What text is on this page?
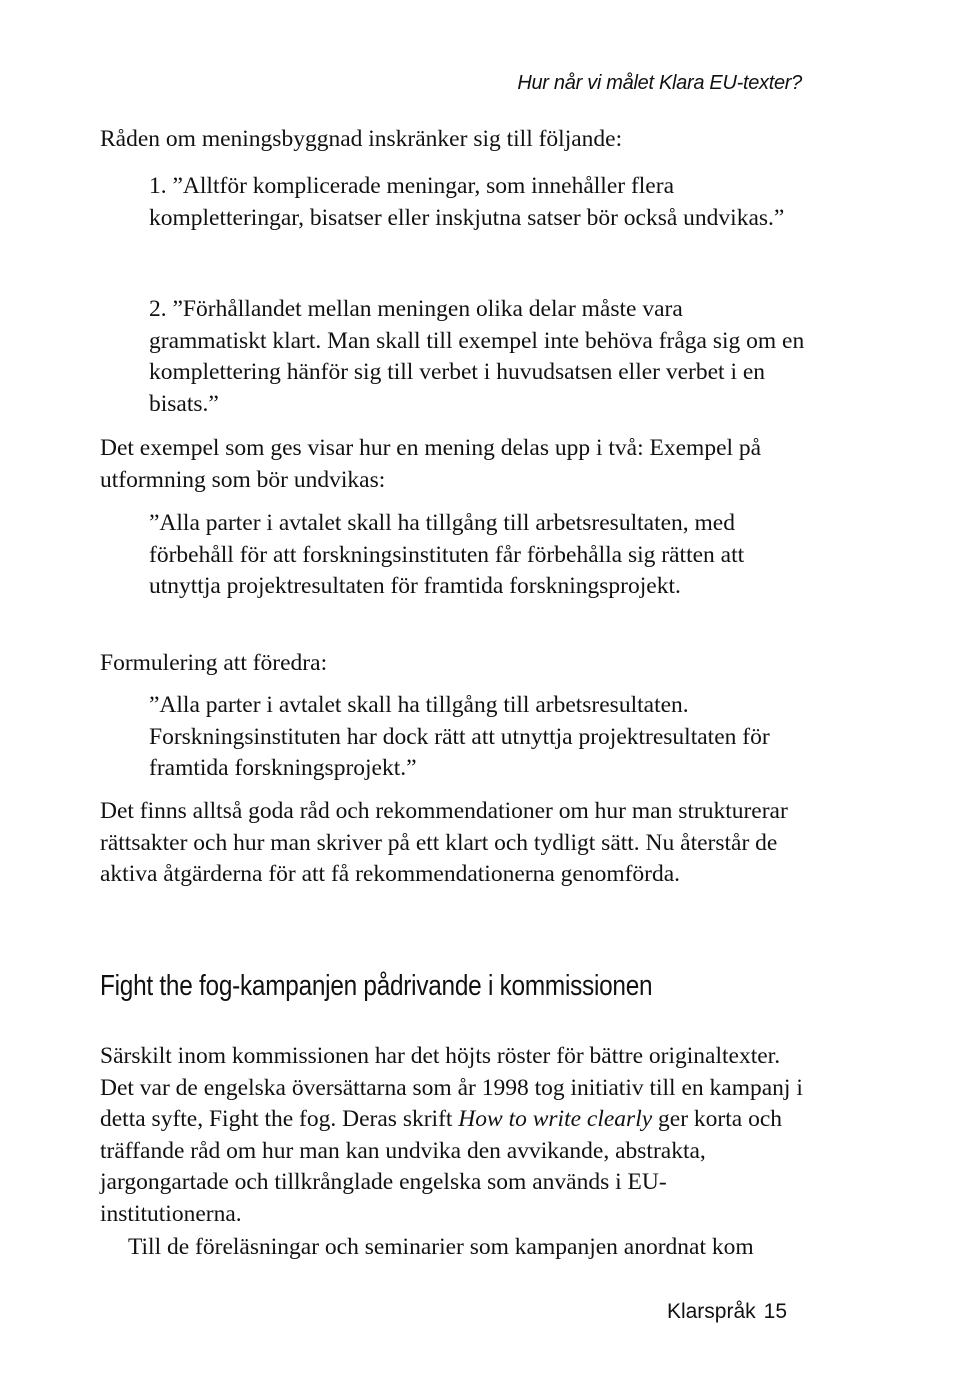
Hur når vi målet Klara EU-texter?

Råden om meningsbyggnad inskränker sig till följande:

1. ”Alltför komplicerade meningar, som innehåller flera kompletteringar, bisatser eller inskjutna satser bör också undvikas.”

2. ”Förhållandet mellan meningen olika delar måste vara grammatiskt klart. Man skall till exempel inte behöva fråga sig om en komplettering hänför sig till verbet i huvudsatsen eller verbet i en bisats.”

Det exempel som ges visar hur en mening delas upp i två: Exempel på utformning som bör undvikas:

”Alla parter i avtalet skall ha tillgång till arbetsresultaten, med förbehåll för att forskningsinstituten får förbehålla sig rätten att utnyttja projektresultaten för framtida forskningsprojekt.

Formulering att föredra:

”Alla parter i avtalet skall ha tillgång till arbetsresultaten. Forskningsinstituten har dock rätt att utnyttja projektresultaten för framtida forskningsprojekt.”

Det finns alltså goda råd och rekommendationer om hur man strukturerar rättsakter och hur man skriver på ett klart och tydligt sätt. Nu återstår de aktiva åtgärderna för att få rekommendationerna genomförda.

Fight the fog-kampanjen pådrivande i kommissionen

Särskilt inom kommissionen har det höjts röster för bättre originaltexter. Det var de engelska översättarna som år 1998 tog initiativ till en kampanj i detta syfte, Fight the fog. Deras skrift How to write clearly ger korta och träffande råd om hur man kan undvika den avvikande, abstrakta, jargongartade och tillkrånglade engelska som används i EU-institutionerna.

Till de föreläsningar och seminarier som kampanjen anordnat kom

Klarspråk 15
